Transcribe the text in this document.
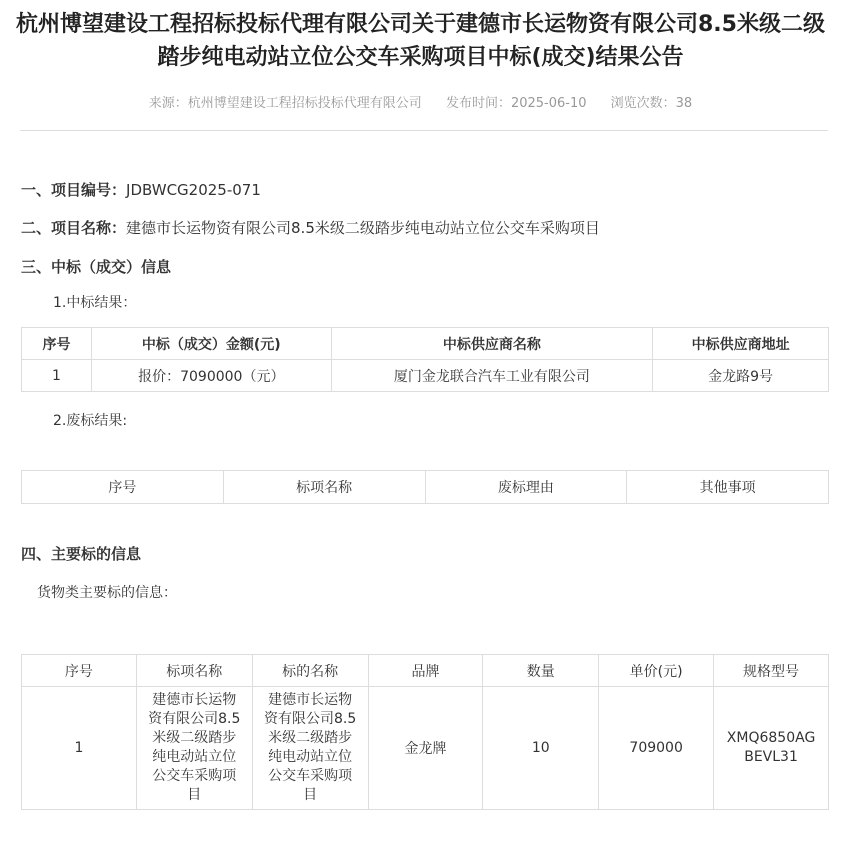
杭州博望建设工程招标投标代理有限公司关于建德市长运物资有限公司8.5米级二级踏步纯电动站立位公交车采购项目中标(成交)结果公告
来源：杭州博望建设工程招标投标代理有限公司 发布时间：2025-06-10 浏览次数：38
一、项目编号：JDBWCG2025-071
二、项目名称：建德市长运物资有限公司8.5米级二级踏步纯电动站立位公交车采购项目
三、中标（成交）信息
1.中标结果：
序号	中标（成交）金额(元)	中标供应商名称	中标供应商地址
1	报价：7090000（元）	厦门金龙联合汽车工业有限公司	金龙路9号
2.废标结果:
序号	标项名称	废标理由	其他事项
四、主要标的信息
货物类主要标的信息：
序号	标项名称	标的名称	品牌	数量	单价(元)	规格型号
1	建德市长运物资有限公司8.5米级二级踏步纯电动站立位公交车采购项目	建德市长运物资有限公司8.5米级二级踏步纯电动站立位公交车采购项目	金龙牌	10	709000	XMQ6850AGBEVL31
